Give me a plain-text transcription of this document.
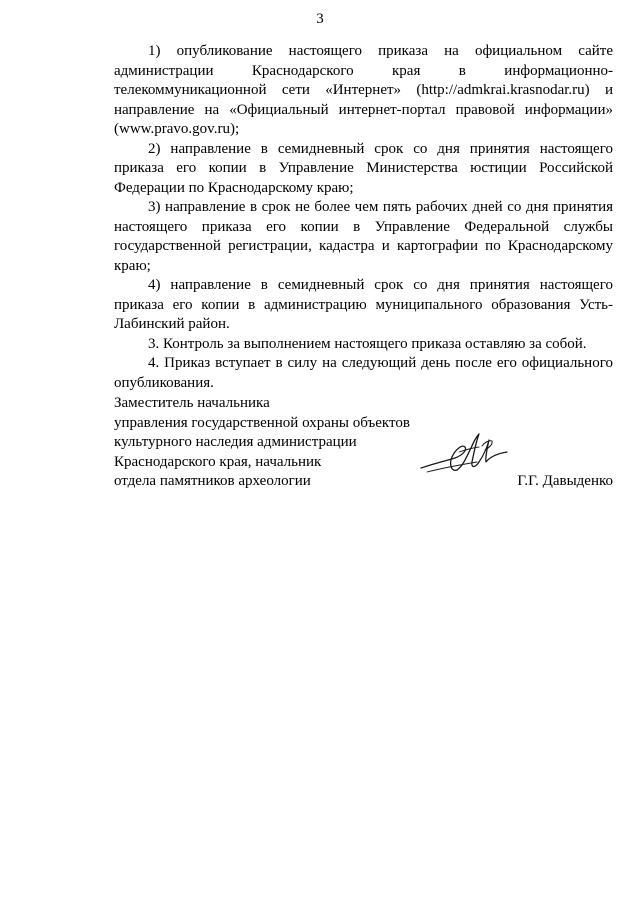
3

1) опубликование настоящего приказа на официальном сайте администрации Краснодарского края в информационно-телекоммуникационной сети «Интернет» (http://admkrai.krasnodar.ru) и направление на «Официальный интернет-портал правовой информации» (www.pravo.gov.ru);

2) направление в семидневный срок со дня принятия настоящего приказа его копии в Управление Министерства юстиции Российской Федерации по Краснодарскому краю;

3) направление в срок не более чем пять рабочих дней со дня принятия настоящего приказа его копии в Управление Федеральной службы государственной регистрации, кадастра и картографии по Краснодарскому краю;

4) направление в семидневный срок со дня принятия настоящего приказа его копии в администрацию муниципального образования Усть-Лабинский район.

3. Контроль за выполнением настоящего приказа оставляю за собой.

4. Приказ вступает в силу на следующий день после его официального опубликования.

Заместитель начальника
управления государственной охраны объектов
культурного наследия администрации
Краснодарского края, начальник
отдела памятников археологии	Г.Г. Давыденко
